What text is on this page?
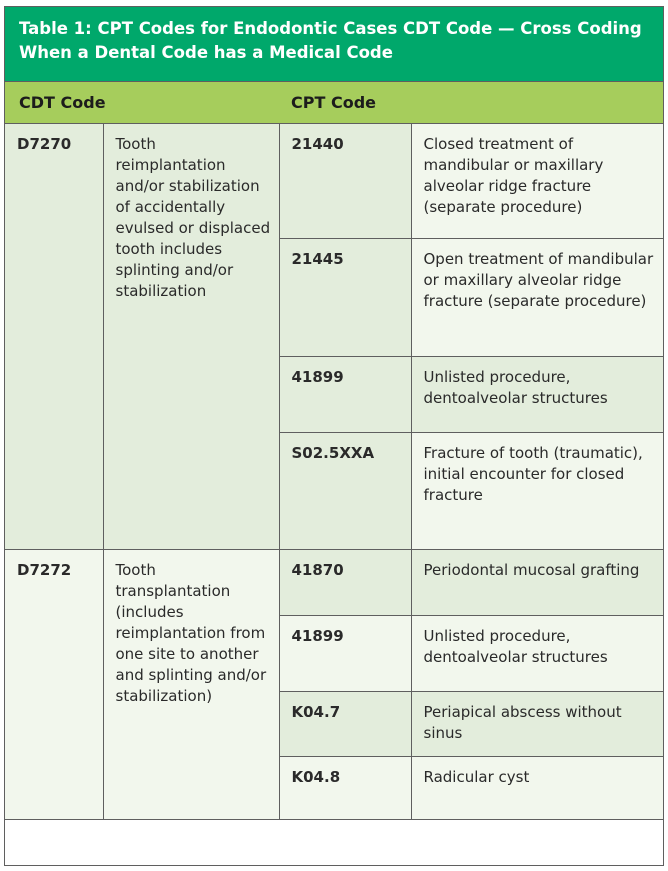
Table 1: CPT Codes for Endodontic Cases CDT Code — Cross Coding When a Dental Code has a Medical Code
CDT Code	CPT Code
D7270	Tooth reimplantation and/or stabilization of accidentally evulsed or displaced tooth includes splinting and/or stabilization	21440	Closed treatment of mandibular or maxillary alveolar ridge fracture (separate procedure)
		21445	Open treatment of mandibular or maxillary alveolar ridge fracture (separate procedure)
		41899	Unlisted procedure, dentoalveolar structures
		S02.5XXA	Fracture of tooth (traumatic), initial encounter for closed fracture
D7272	Tooth transplantation (includes reimplantation from one site to another and splinting and/or stabilization)	41870	Periodontal mucosal grafting
		41899	Unlisted procedure, dentoalveolar structures
		K04.7	Periapical abscess without sinus
		K04.8	Radicular cyst
